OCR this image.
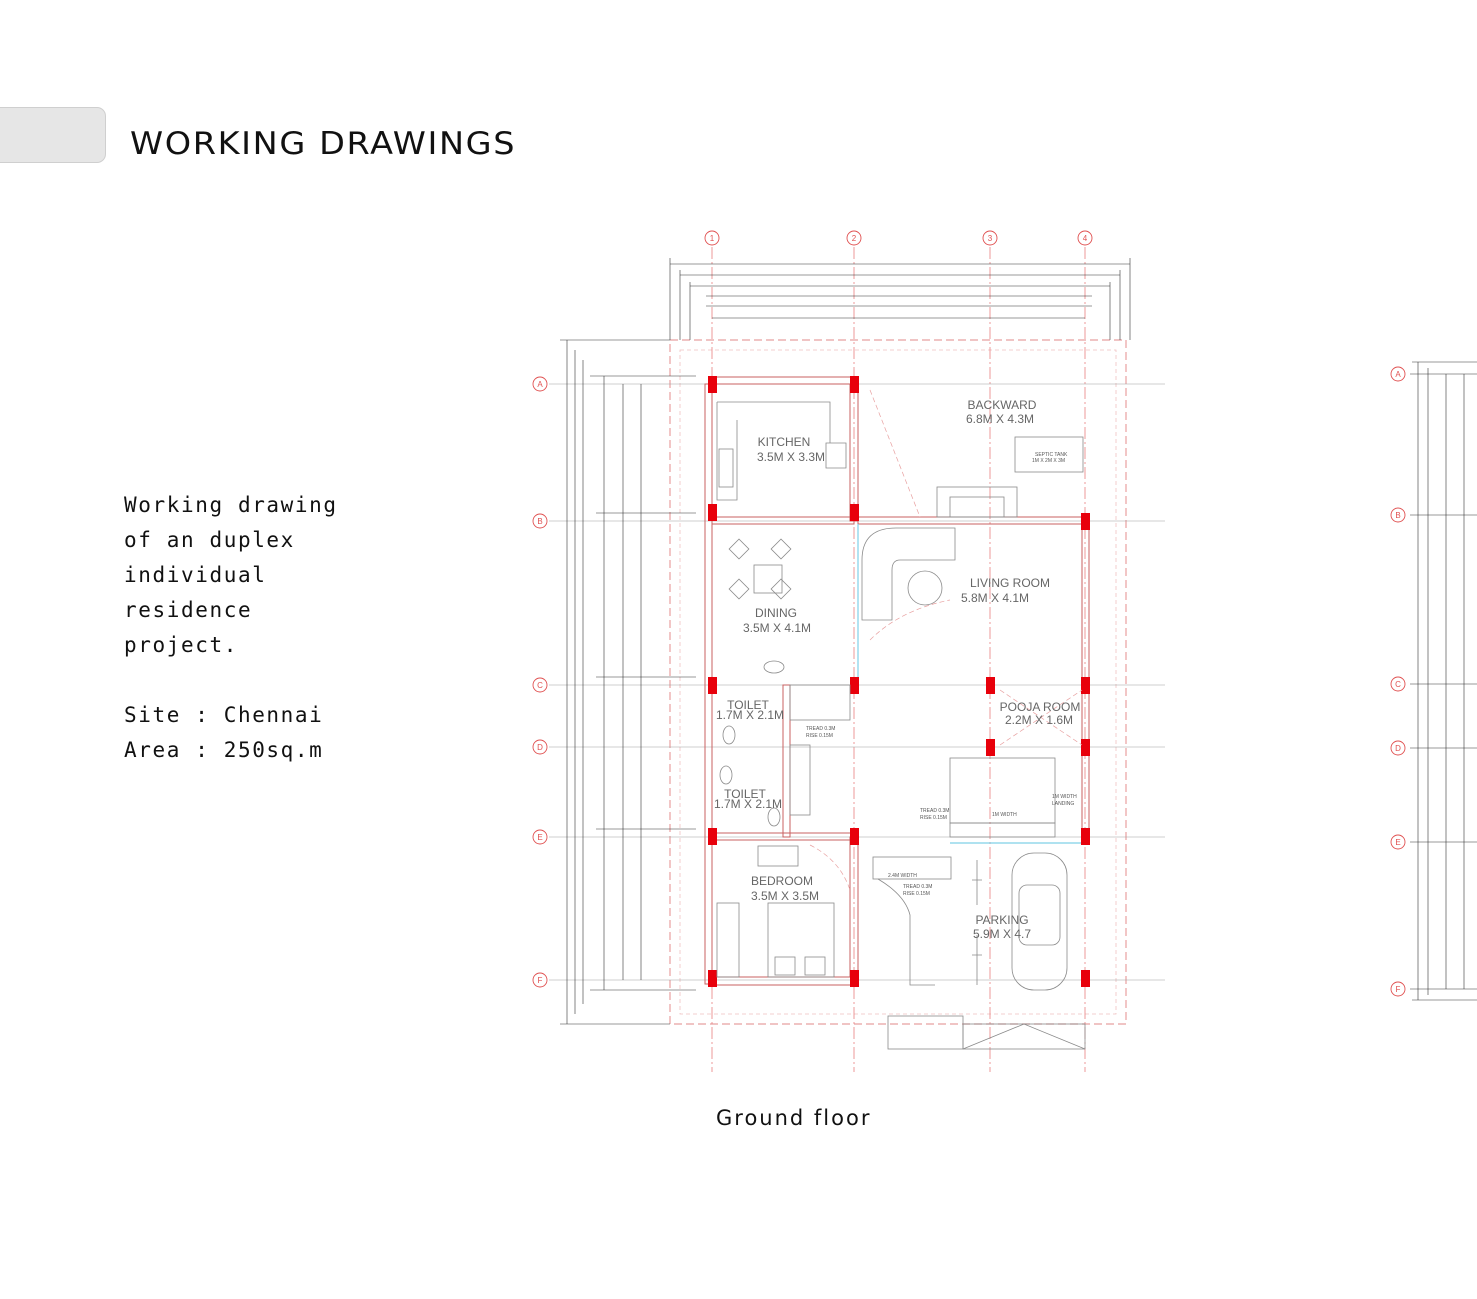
WORKING DRAWINGS

Working drawing

of an duplex

individual

residence

project.

Site : Chennai

Area : 250sq.m

1	2	3	4
A
B
C
D
E
F
KITCHEN
3.5M X 3.3M
BACKWARD
6.8M X 4.3M
DINING
3.5M X 4.1M
LIVING ROOM
5.8M X 4.1M
TOILET
1.7M X 2.1M
POOJA ROOM
2.2M X 1.6M
TOILET
1.7M X 2.1M
BEDROOM
3.5M X 3.5M
PARKING
5.9M X 4.7
SEPTIC TANK
1M X 2M X 3M
TREAD 0.3M
RISE 0.15M
TREAD 0.3M
RISE 0.15M
TREAD 0.3M
RISE 0.15M
2.4M WIDTH
1M WIDTH
1M WIDTH
LANDING
A
B
C
D
E
F
Ground floor
